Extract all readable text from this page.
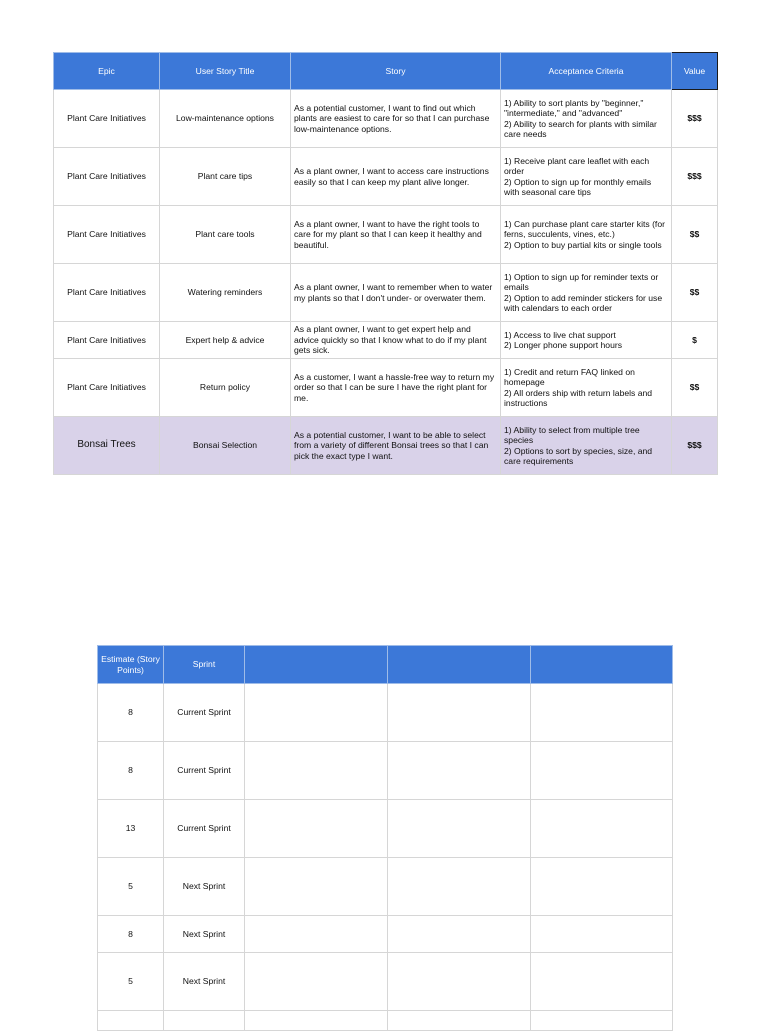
Epic	User Story Title	Story	Acceptance Criteria	Value
Plant Care Initiatives	Low-maintenance options	As a potential customer, I want to find out which plants are easiest to care for so that I can purchase low-maintenance options.	1) Ability to sort plants by "beginner," "intermediate," and "advanced"
2) Ability to search for plants with similar care needs	$$$
Plant Care Initiatives	Plant care tips	As a plant owner, I want to access care instructions easily so that I can keep my plant alive longer.	1) Receive plant care leaflet with each order
2) Option to sign up for monthly emails with seasonal care tips	$$$
Plant Care Initiatives	Plant care tools	As a plant owner, I want to have the right tools to care for my plant so that I can keep it healthy and beautiful.	1) Can purchase plant care starter kits (for ferns, succulents, vines, etc.)
2) Option to buy partial kits or single tools	$$
Plant Care Initiatives	Watering reminders	As a plant owner, I want to remember when to water my plants so that I don't under- or overwater them.	1) Option to sign up for reminder texts or emails
2) Option to add reminder stickers for use with calendars to each order	$$
Plant Care Initiatives	Expert help & advice	As a plant owner, I want to get expert help and advice quickly so that I know what to do if my plant gets sick.	1) Access to live chat support
2) Longer phone support hours	$
Plant Care Initiatives	Return policy	As a customer, I want a hassle-free way to return my order so that I can be sure I have the right plant for me.	1) Credit and return FAQ linked on homepage
2) All orders ship with return labels and instructions	$$
Bonsai Trees	Bonsai Selection	As a potential customer, I want to be able to select from a variety of different Bonsai trees so that I can pick the exact type I want.	1) Ability to select from multiple tree species
2) Options to sort by species, size, and care requirements	$$$
Estimate (Story Points)	Sprint			
8	Current Sprint			
8	Current Sprint			
13	Current Sprint			
5	Next Sprint			
8	Next Sprint			
5	Next Sprint			
